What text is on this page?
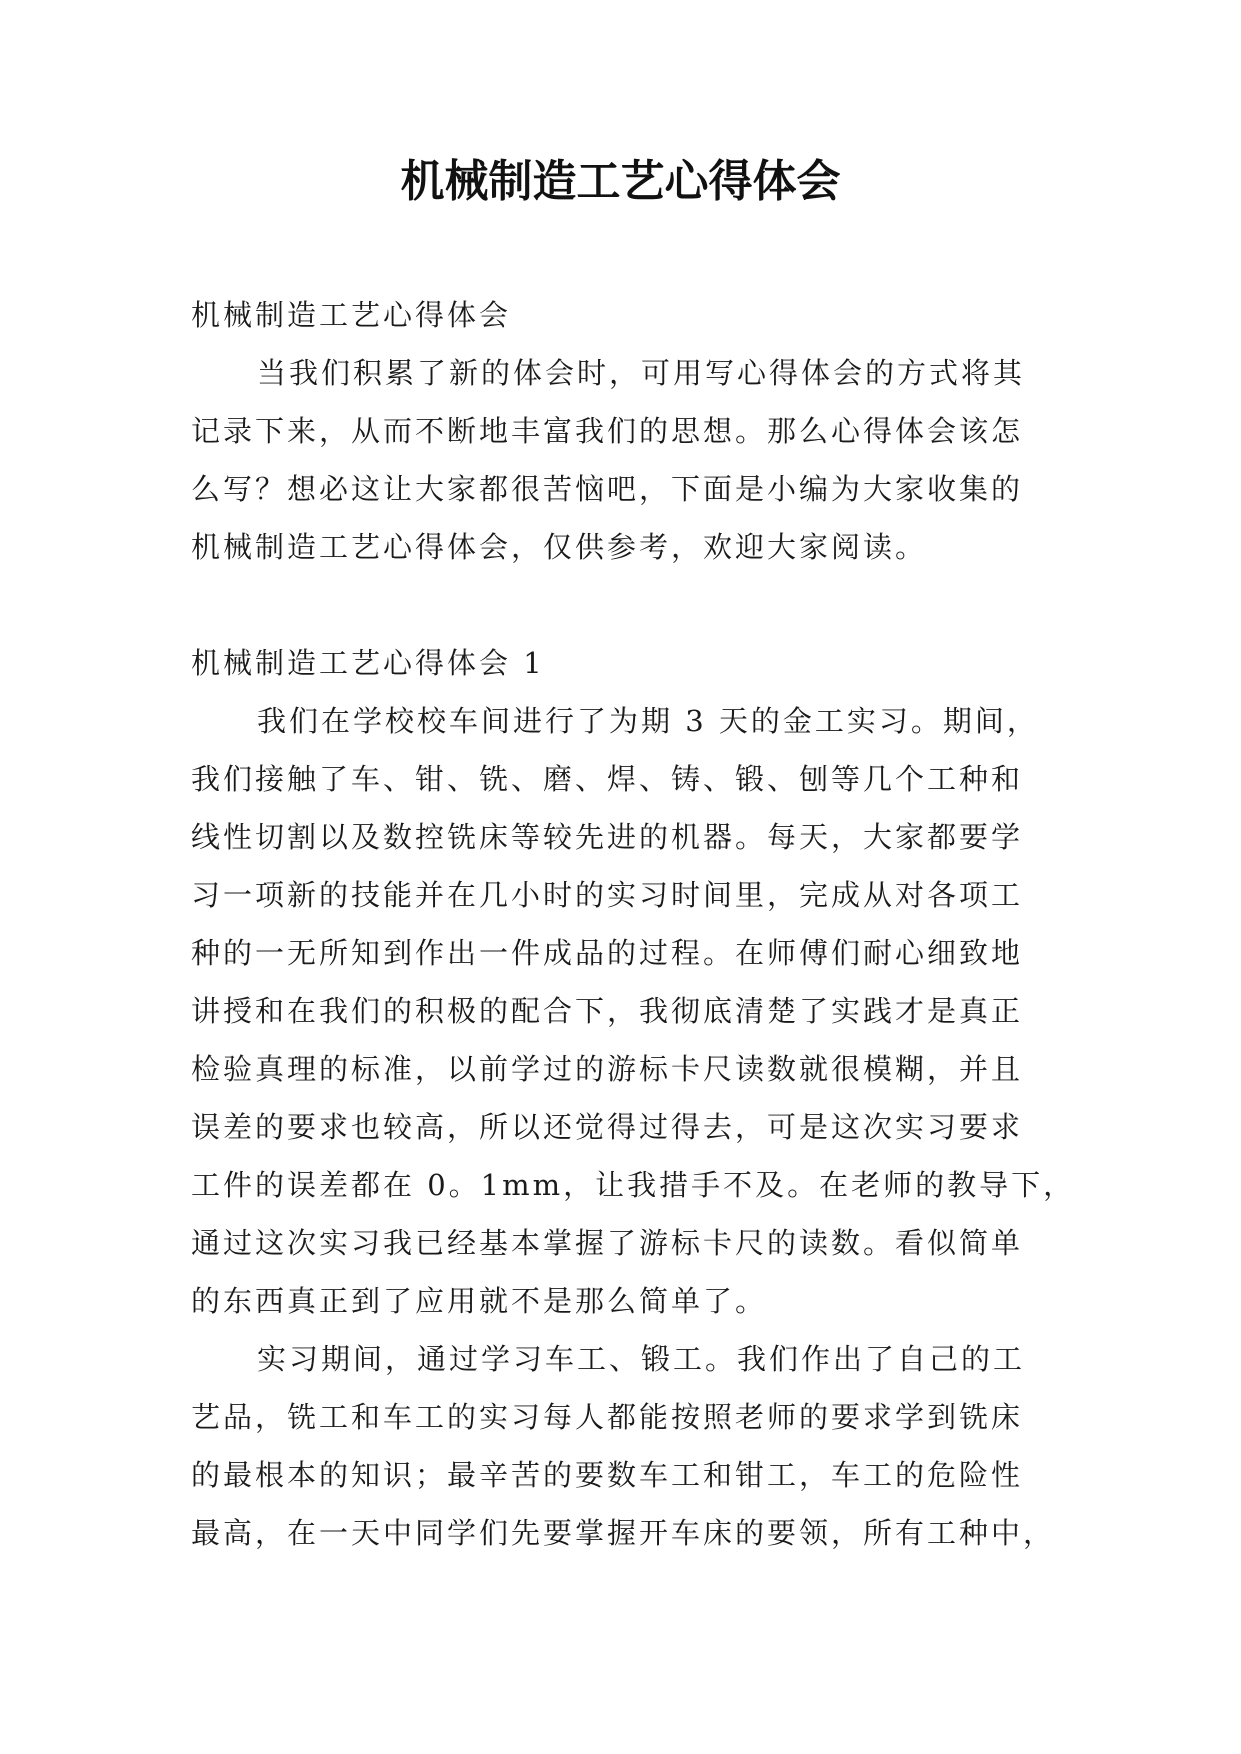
机械制造工艺心得体会
机械制造工艺心得体会
当我们积累了新的体会时，可用写心得体会的方式将其
记录下来，从而不断地丰富我们的思想。那么心得体会该怎
么写？想必这让大家都很苦恼吧，下面是小编为大家收集的
机械制造工艺心得体会，仅供参考，欢迎大家阅读。
机械制造工艺心得体会 1
我们在学校校车间进行了为期 3 天的金工实习。期间，
我们接触了车、钳、铣、磨、焊、铸、锻、刨等几个工种和
线性切割以及数控铣床等较先进的机器。每天，大家都要学
习一项新的技能并在几小时的实习时间里，完成从对各项工
种的一无所知到作出一件成品的过程。在师傅们耐心细致地
讲授和在我们的积极的配合下，我彻底清楚了实践才是真正
检验真理的标准，以前学过的游标卡尺读数就很模糊，并且
误差的要求也较高，所以还觉得过得去，可是这次实习要求
工件的误差都在 0。1mm，让我措手不及。在老师的教导下，
通过这次实习我已经基本掌握了游标卡尺的读数。看似简单
的东西真正到了应用就不是那么简单了。
实习期间，通过学习车工、锻工。我们作出了自己的工
艺品，铣工和车工的实习每人都能按照老师的要求学到铣床
的最根本的知识；最辛苦的要数车工和钳工，车工的危险性
最高，在一天中同学们先要掌握开车床的要领，所有工种中，
